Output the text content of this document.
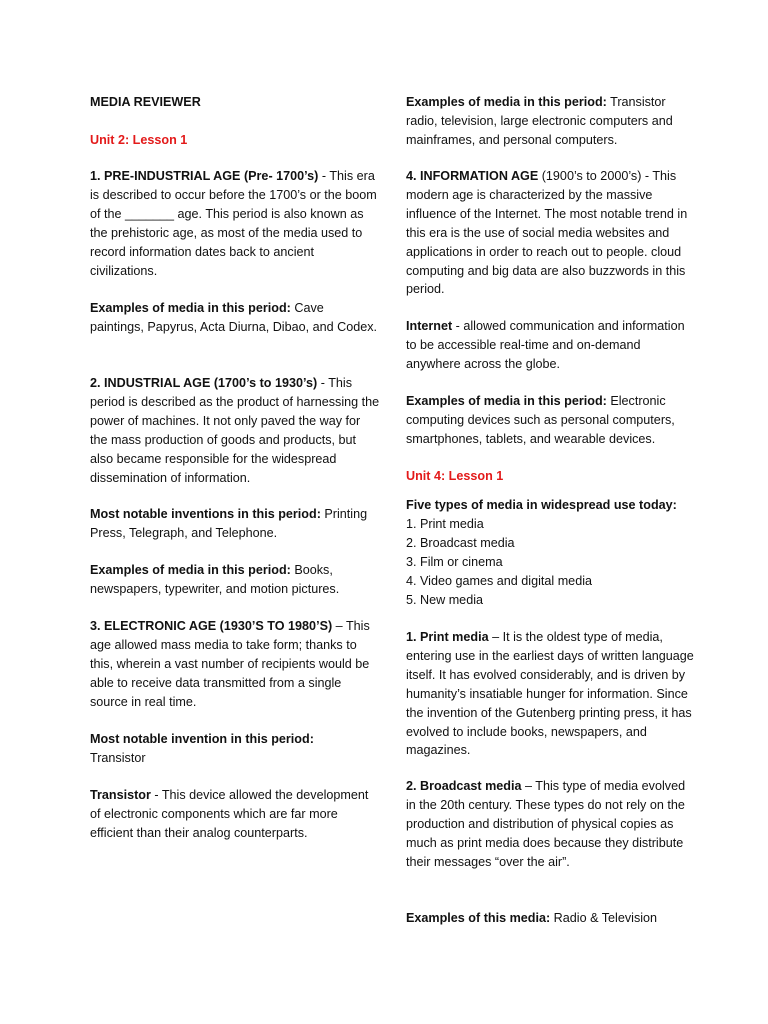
MEDIA REVIEWER

Unit 2: Lesson 1

1. PRE-INDUSTRIAL AGE (Pre- 1700’s) - This era is described to occur before the 1700’s or the boom of the _______ age. This period is also known as the prehistoric age, as most of the media used to record information dates back to ancient civilizations.

Examples of media in this period: Cave paintings, Papyrus, Acta Diurna, Dibao, and Codex.

2. INDUSTRIAL AGE (1700’s to 1930’s) - This period is described as the product of harnessing the power of machines. It not only paved the way for the mass production of goods and products, but also became responsible for the widespread dissemination of information.

Most notable inventions in this period: Printing Press, Telegraph, and Telephone.

Examples of media in this period: Books, newspapers, typewriter, and motion pictures.

3. ELECTRONIC AGE (1930’S TO 1980’S) – This age allowed mass media to take form; thanks to this, wherein a vast number of recipients would be able to receive data transmitted from a single source in real time.

Most notable invention in this period:
Transistor

Transistor - This device allowed the development of electronic components which are far more efficient than their analog counterparts.

Examples of media in this period: Transistor radio, television, large electronic computers and mainframes, and personal computers.

4. INFORMATION AGE (1900’s to 2000’s) - This modern age is characterized by the massive influence of the Internet. The most notable trend in this era is the use of social media websites and applications in order to reach out to people. cloud computing and big data are also buzzwords in this period.

Internet - allowed communication and information to be accessible real-time and on-demand anywhere across the globe.

Examples of media in this period: Electronic computing devices such as personal computers, smartphones, tablets, and wearable devices.

Unit 4: Lesson 1

Five types of media in widespread use today:

1. Print media
2. Broadcast media
3. Film or cinema
4. Video games and digital media
5. New media

1. Print media – It is the oldest type of media, entering use in the earliest days of written language itself. It has evolved considerably, and is driven by humanity’s insatiable hunger for information. Since the invention of the Gutenberg printing press, it has evolved to include books, newspapers, and magazines.

2. Broadcast media – This type of media evolved in the 20th century. These types do not rely on the production and distribution of physical copies as much as print media does because they distribute their messages “over the air”.

Examples of this media: Radio & Television
